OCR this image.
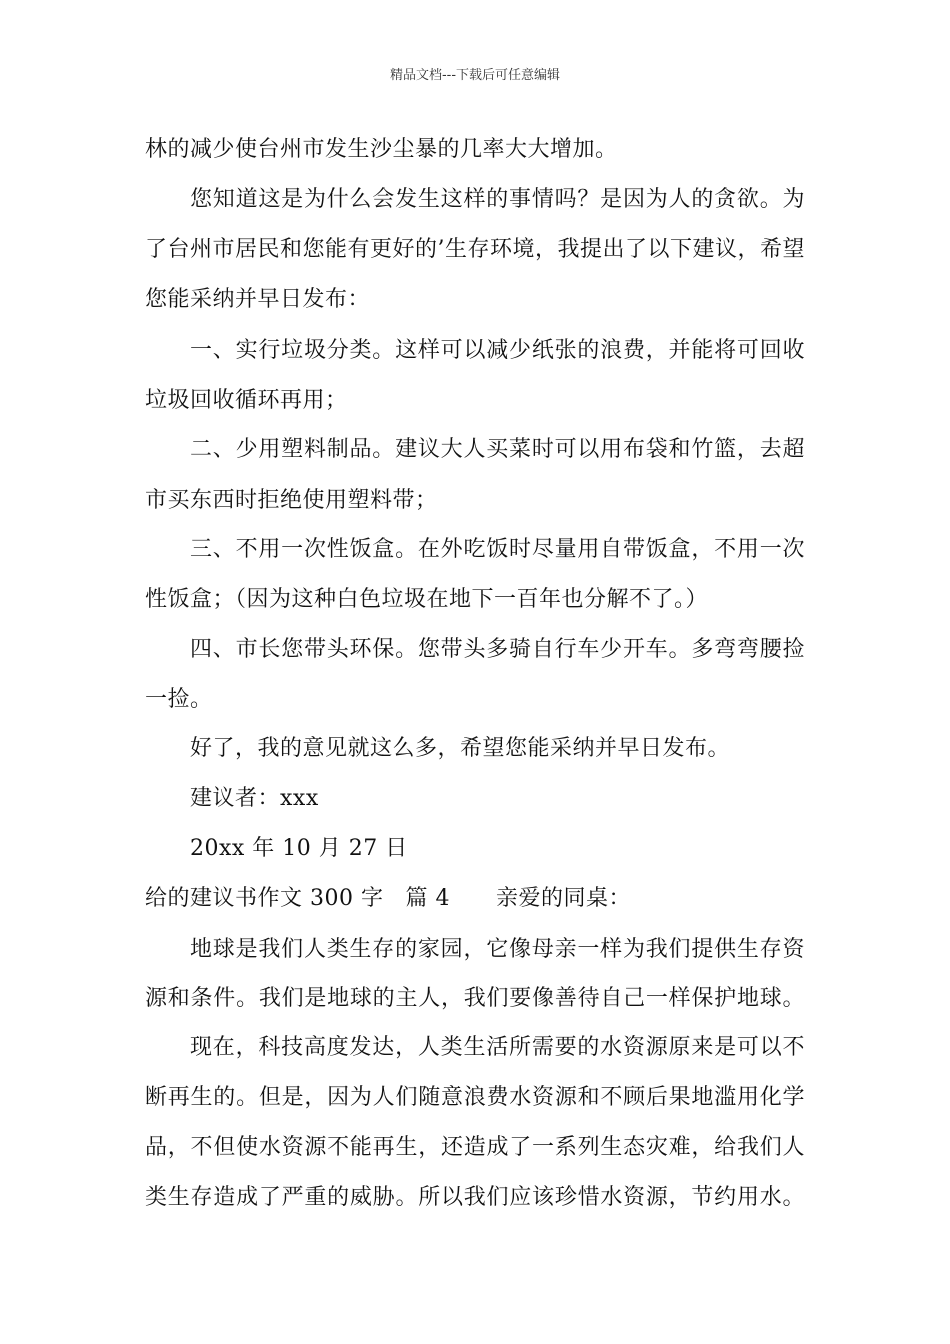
精品文档---下载后可任意编辑
林的减少使台州市发生沙尘暴的几率大大增加。
您知道这是为什么会发生这样的事情吗？是因为人的贪欲。为
了台州市居民和您能有更好的’生存环境，我提出了以下建议，希望
您能采纳并早日发布：
一、实行垃圾分类。这样可以减少纸张的浪费，并能将可回收
垃圾回收循环再用；
二、少用塑料制品。建议大人买菜时可以用布袋和竹篮，去超
市买东西时拒绝使用塑料带；
三、不用一次性饭盒。在外吃饭时尽量用自带饭盒，不用一次
性饭盒；（因为这种白色垃圾在地下一百年也分解不了。）
四、市长您带头环保。您带头多骑自行车少开车。多弯弯腰捡
一捡。
好了，我的意见就这么多，希望您能采纳并早日发布。
建议者：xxx
20xx 年 10 月 27 日
给的建议书作文 300 字 篇 4 亲爱的同桌：
地球是我们人类生存的家园，它像母亲一样为我们提供生存资
源和条件。我们是地球的主人，我们要像善待自己一样保护地球。
现在，科技高度发达，人类生活所需要的水资源原来是可以不
断再生的。但是，因为人们随意浪费水资源和不顾后果地滥用化学
品，不但使水资源不能再生，还造成了一系列生态灾难，给我们人
类生存造成了严重的威胁。所以我们应该珍惜水资源，节约用水。
